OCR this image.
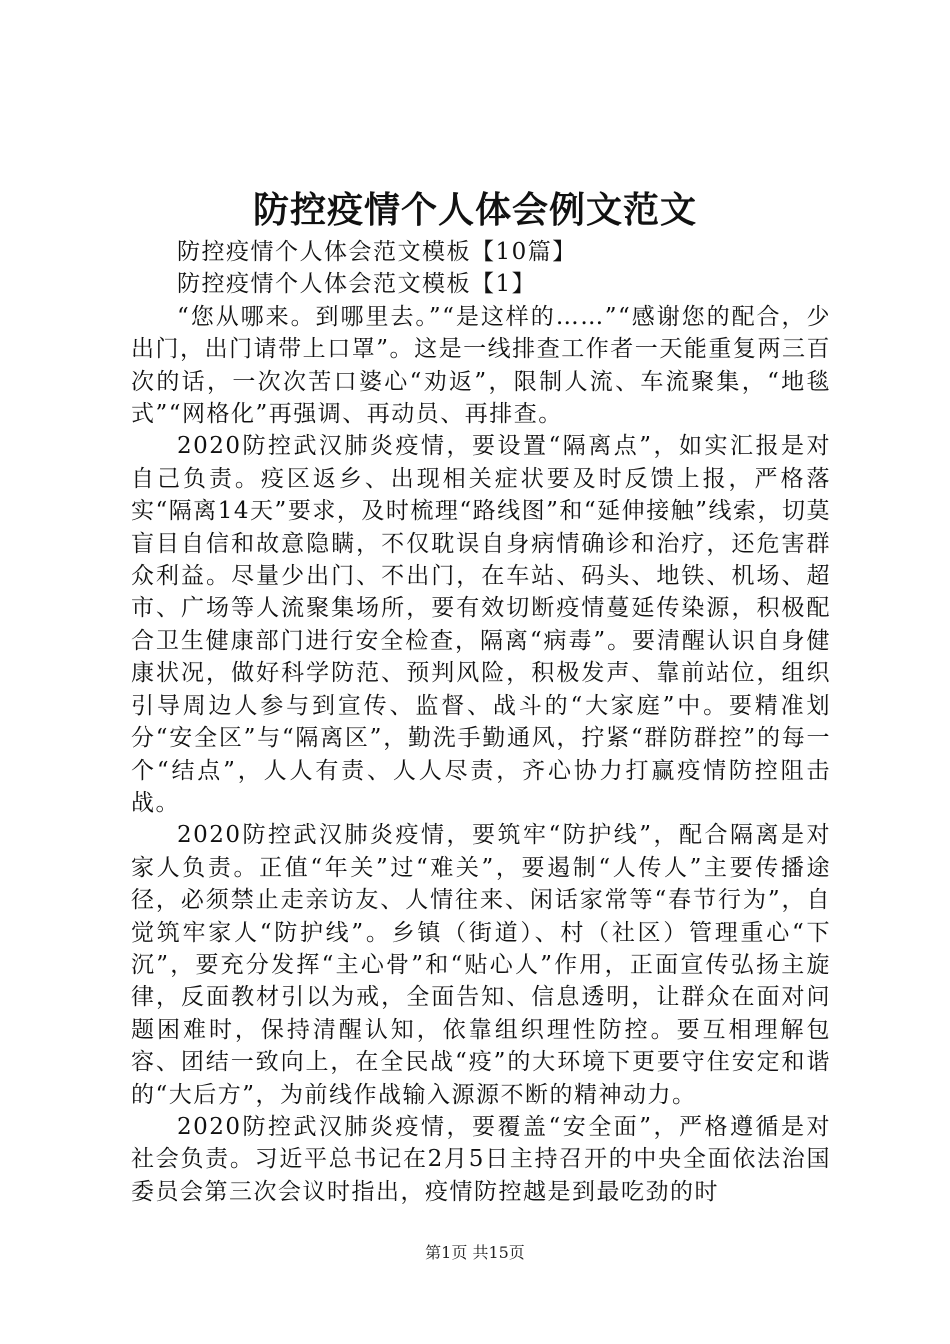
防控疫情个人体会例文范文

防控疫情个人体会范文模板【10篇】

防控疫情个人体会范文模板【1】

“您从哪来。到哪里去。”“是这样的……”“感谢您的配合，少出门，出门请带上口罩”。这是一线排查工作者一天能重复两三百次的话，一次次苦口婆心“劝返”，限制人流、车流聚集，“地毯式”“网格化”再强调、再动员、再排查。

2020防控武汉肺炎疫情，要设置“隔离点”，如实汇报是对自己负责。疫区返乡、出现相关症状要及时反馈上报，严格落实“隔离14天”要求，及时梳理“路线图”和“延伸接触”线索，切莫盲目自信和故意隐瞒，不仅耽误自身病情确诊和治疗，还危害群众利益。尽量少出门、不出门，在车站、码头、地铁、机场、超市、广场等人流聚集场所，要有效切断疫情蔓延传染源，积极配合卫生健康部门进行安全检查，隔离“病毒”。要清醒认识自身健康状况，做好科学防范、预判风险，积极发声、靠前站位，组织引导周边人参与到宣传、监督、战斗的“大家庭”中。要精准划分“安全区”与“隔离区”，勤洗手勤通风，拧紧“群防群控”的每一个“结点”，人人有责、人人尽责，齐心协力打赢疫情防控阻击战。

2020防控武汉肺炎疫情，要筑牢“防护线”，配合隔离是对家人负责。正值“年关”过“难关”，要遏制“人传人”主要传播途径，必须禁止走亲访友、人情往来、闲话家常等“春节行为”，自觉筑牢家人“防护线”。乡镇（街道）、村（社区）管理重心“下沉”，要充分发挥“主心骨”和“贴心人”作用，正面宣传弘扬主旋律，反面教材引以为戒，全面告知、信息透明，让群众在面对问题困难时，保持清醒认知，依靠组织理性防控。要互相理解包容、团结一致向上，在全民战“疫”的大环境下更要守住安定和谐的“大后方”，为前线作战输入源源不断的精神动力。

2020防控武汉肺炎疫情，要覆盖“安全面”，严格遵循是对社会负责。习近平总书记在2月5日主持召开的中央全面依法治国委员会第三次会议时指出，疫情防控越是到最吃劲的时

第1页 共15页
